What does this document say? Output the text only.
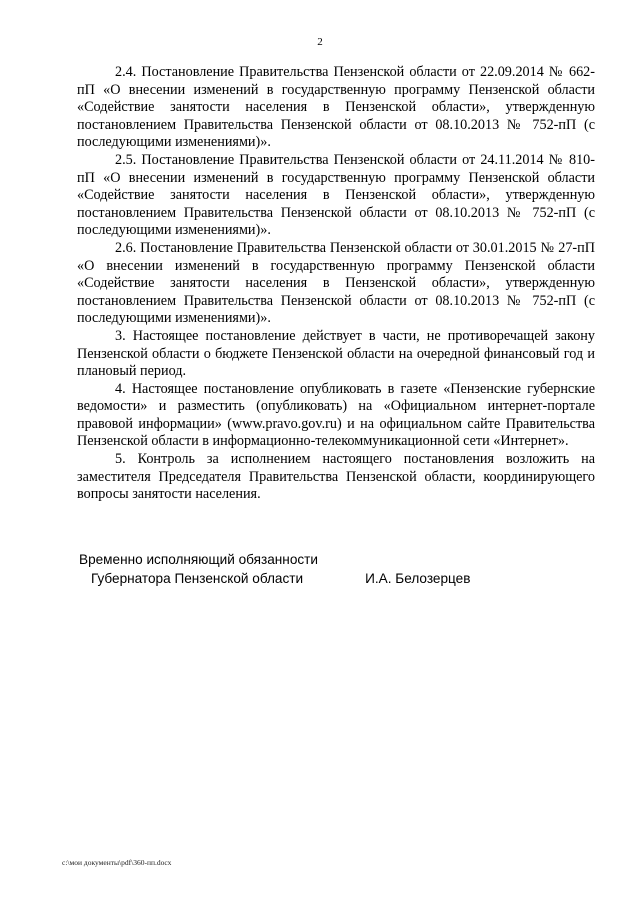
2

2.4. Постановление Правительства Пензенской области от 22.09.2014 № 662-пП «О внесении изменений в государственную программу Пензенской области «Содействие занятости населения в Пензенской области», утвержденную постановлением Правительства Пензенской области от 08.10.2013 № 752-пП (с последующими изменениями)».

2.5. Постановление Правительства Пензенской области от 24.11.2014 № 810-пП «О внесении изменений в государственную программу Пензенской области «Содействие занятости населения в Пензенской области», утвержденную постановлением Правительства Пензенской области от 08.10.2013 № 752-пП (с последующими изменениями)».

2.6. Постановление Правительства Пензенской области от 30.01.2015 № 27-пП «О внесении изменений в государственную программу Пензенской области «Содействие занятости населения в Пензенской области», утвержденную постановлением Правительства Пензенской области от 08.10.2013 № 752-пП (с последующими изменениями)».

3. Настоящее постановление действует в части, не противоречащей закону Пензенской области о бюджете Пензенской области на очередной финансовый год и плановый период.

4. Настоящее постановление опубликовать в газете «Пензенские губернские ведомости» и разместить (опубликовать) на «Официальном интернет-портале правовой информации» (www.pravo.gov.ru) и на официальном сайте Правительства Пензенской области в информационно-телекоммуникационной сети «Интернет».

5. Контроль за исполнением настоящего постановления возложить на заместителя Председателя Правительства Пензенской области, координирующего вопросы занятости населения.

Временно исполняющий обязанности
Губернатора Пензенской области	И.А. Белозерцев
c:\мои документы\pdf\360-пп.docx
